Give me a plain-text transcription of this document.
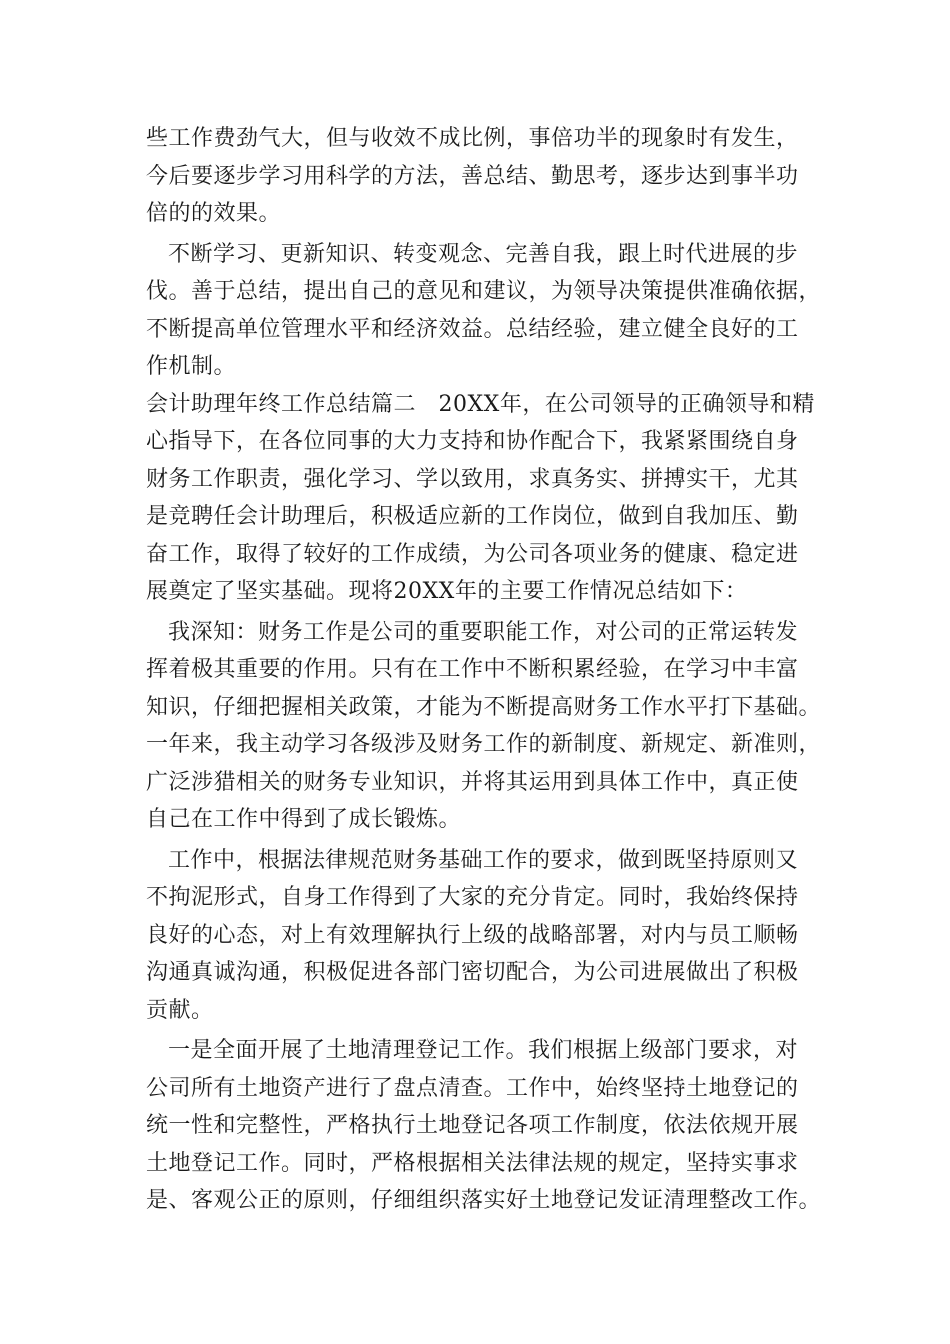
些工作费劲气大，但与收效不成比例，事倍功半的现象时有发生，
今后要逐步学习用科学的方法，善总结、勤思考，逐步达到事半功
倍的的效果。
不断学习、更新知识、转变观念、完善自我，跟上时代进展的步
伐。善于总结，提出自己的意见和建议，为领导决策提供准确依据，
不断提高单位管理水平和经济效益。总结经验，建立健全良好的工
作机制。
会计助理年终工作总结篇二　20XX年，在公司领导的正确领导和精
心指导下，在各位同事的大力支持和协作配合下，我紧紧围绕自身
财务工作职责，强化学习、学以致用，求真务实、拼搏实干，尤其
是竞聘任会计助理后，积极适应新的工作岗位，做到自我加压、勤
奋工作，取得了较好的工作成绩，为公司各项业务的健康、稳定进
展奠定了坚实基础。现将20XX年的主要工作情况总结如下：
我深知：财务工作是公司的重要职能工作，对公司的正常运转发
挥着极其重要的作用。只有在工作中不断积累经验，在学习中丰富
知识，仔细把握相关政策，才能为不断提高财务工作水平打下基础。
一年来，我主动学习各级涉及财务工作的新制度、新规定、新准则，
广泛涉猎相关的财务专业知识，并将其运用到具体工作中，真正使
自己在工作中得到了成长锻炼。
工作中，根据法律规范财务基础工作的要求，做到既坚持原则又
不拘泥形式，自身工作得到了大家的充分肯定。同时，我始终保持
良好的心态，对上有效理解执行上级的战略部署，对内与员工顺畅
沟通真诚沟通，积极促进各部门密切配合，为公司进展做出了积极
贡献。
一是全面开展了土地清理登记工作。我们根据上级部门要求，对
公司所有土地资产进行了盘点清查。工作中，始终坚持土地登记的
统一性和完整性，严格执行土地登记各项工作制度，依法依规开展
土地登记工作。同时，严格根据相关法律法规的规定，坚持实事求
是、客观公正的原则，仔细组织落实好土地登记发证清理整改工作。
